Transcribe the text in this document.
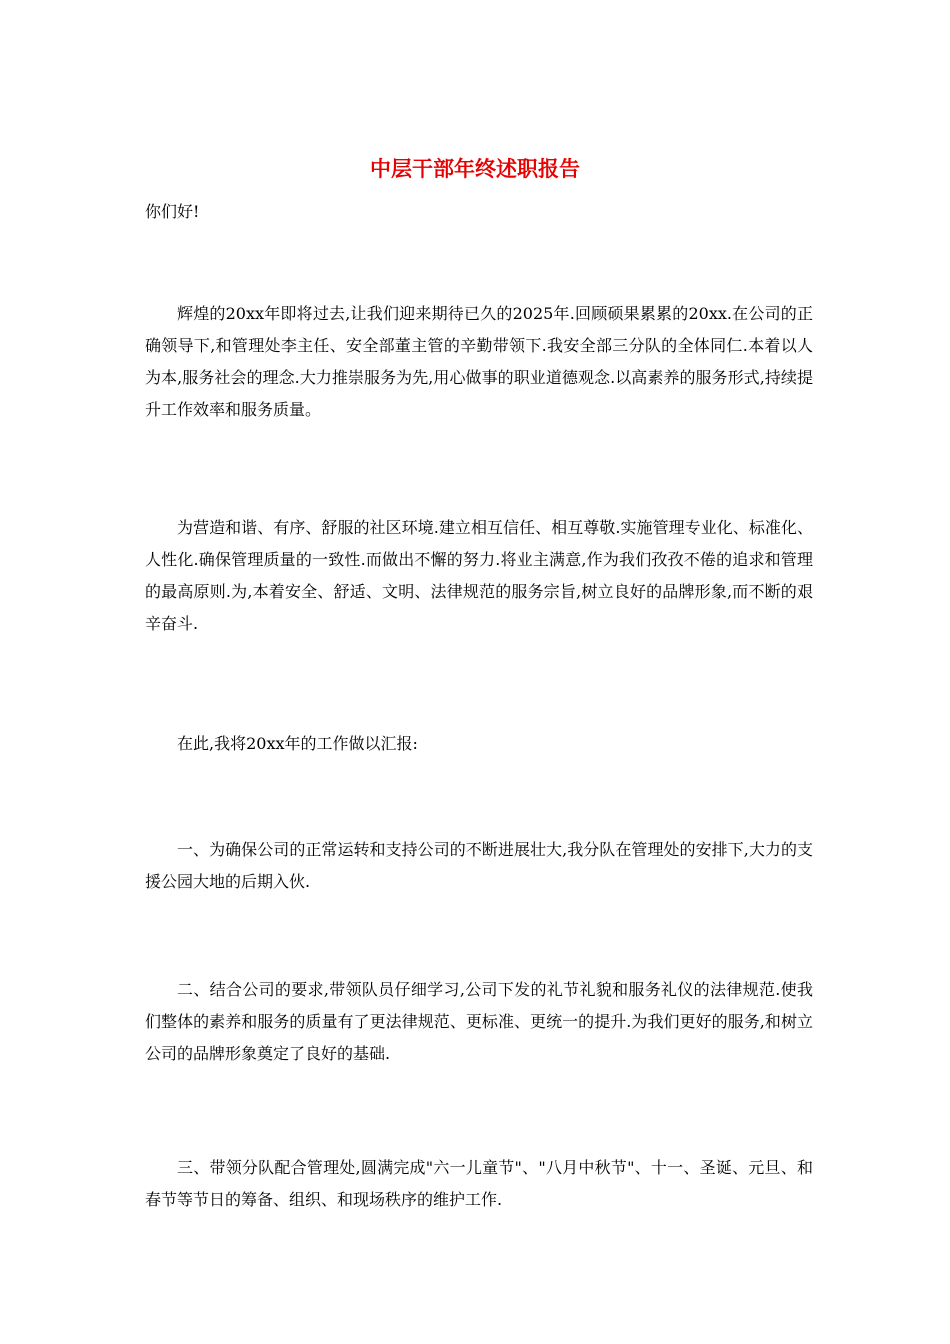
中层干部年终述职报告
你们好!

辉煌的20xx年即将过去,让我们迎来期待已久的2025年.回顾硕果累累的20xx.在公司的正确领导下,和管理处李主任、安全部董主管的辛勤带领下.我安全部三分队的全体同仁.本着以人为本,服务社会的理念.大力推崇服务为先,用心做事的职业道德观念.以高素养的服务形式,持续提升工作效率和服务质量。

为营造和谐、有序、舒服的社区环境.建立相互信任、相互尊敬.实施管理专业化、标准化、人性化.确保管理质量的一致性.而做出不懈的努力.将业主满意,作为我们孜孜不倦的追求和管理的最高原则.为,本着安全、舒适、文明、法律规范的服务宗旨,树立良好的品牌形象,而不断的艰辛奋斗.

在此,我将20xx年的工作做以汇报:

一、为确保公司的正常运转和支持公司的不断进展壮大,我分队在管理处的安排下,大力的支援公园大地的后期入伙.

二、结合公司的要求,带领队员仔细学习,公司下发的礼节礼貌和服务礼仪的法律规范.使我们整体的素养和服务的质量有了更法律规范、更标准、更统一的提升.为我们更好的服务,和树立公司的品牌形象奠定了良好的基础.

三、带领分队配合管理处,圆满完成"六一儿童节"、"八月中秋节"、十一、圣诞、元旦、和春节等节日的筹备、组织、和现场秩序的维护工作.
